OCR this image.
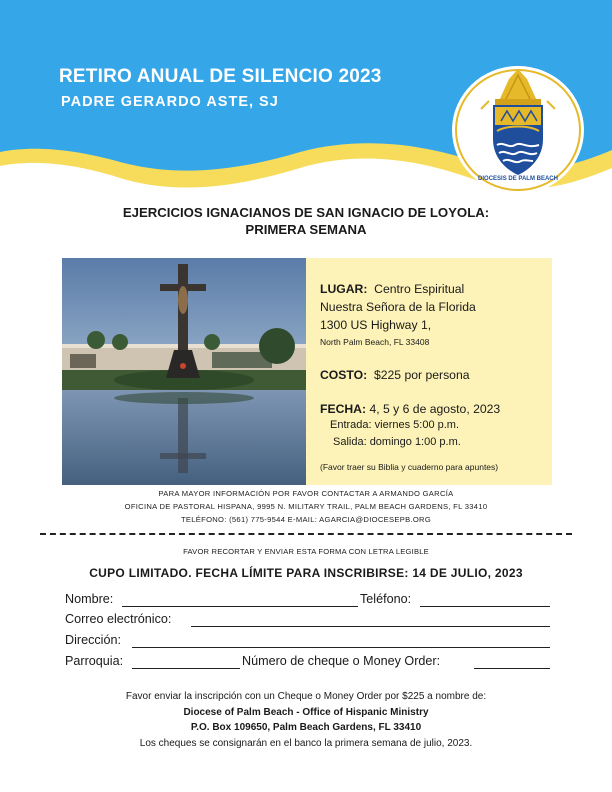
RETIRO ANUAL DE SILENCIO 2023
PADRE GERARDO ASTE, SJ
DIOCESIS DE PALM BEACH
EJERCICIOS IGNACIANOS DE SAN IGNACIO DE LOYOLA:
PRIMERA SEMANA
LUGAR: Centro Espiritual
Nuestra Señora de la Florida
1300 US Highway 1,
North Palm Beach, FL 33408
COSTO: $225 por persona
FECHA: 4, 5 y 6 de agosto, 2023
Entrada: viernes 5:00 p.m.
Salida: domingo 1:00 p.m.
(Favor traer su Biblia y cuaderno para apuntes)
PARA MAYOR INFORMACIÓN POR FAVOR CONTACTAR A ARMANDO GARCÍA
OFICINA DE PASTORAL HISPANA, 9995 N. MILITARY TRAIL, PALM BEACH GARDENS, FL 33410
TELÉFONO: (561) 775-9544 E-MAIL: AGARCIA@DIOCESEPB.ORG
FAVOR RECORTAR Y ENVIAR ESTA FORMA CON LETRA LEGIBLE
CUPO LIMITADO. FECHA LÍMITE PARA INSCRIBIRSE: 14 DE JULIO, 2023
Nombre:	Teléfono:
Correo electrónico:
Dirección:
Parroquia:	Número de cheque o Money Order:
Favor enviar la inscripción con un Cheque o Money Order por $225 a nombre de:
Diocese of Palm Beach - Office of Hispanic Ministry
P.O. Box 109650, Palm Beach Gardens, FL 33410
Los cheques se consignarán en el banco la primera semana de julio, 2023.
